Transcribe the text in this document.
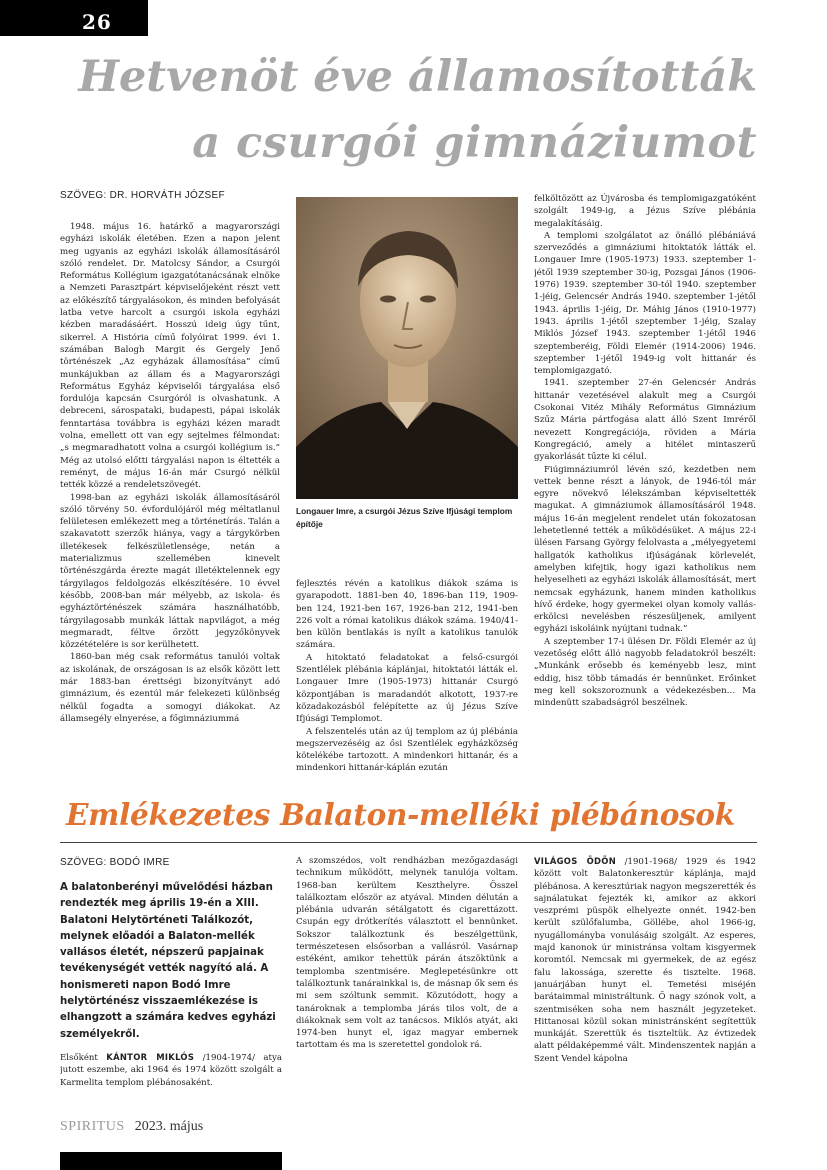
26
Hetvenöt éve államosították
a csurgói gimnáziumot
SZÖVEG: DR. HORVÁTH JÓZSEF

1948. május 16. határkő a magyarországi egyházi iskolák életében. Ezen a napon jelent meg ugyanis az egyházi iskolák államosításáról szóló rendelet. Dr. Matolcsy Sándor, a Csurgói Református Kollégium igazgatótanácsának elnöke a Nemzeti Parasztpárt képviselőjeként részt vett az előkészítő tárgyalásokon, és minden befolyását latba vetve harcolt a csurgói iskola egyházi kézben maradásáért. Hosszú ideig úgy tűnt, sikerrel. A História című folyóirat 1999. évi 1. számában Balogh Margit és Gergely Jenő történészek „Az egyházak államosítása” című munkájukban az állam és a Magyarországi Református Egyház képviselői tárgyalása első fordulója kapcsán Csurgóról is olvashatunk. A debreceni, sárospataki, budapesti, pápai iskolák fenntartása továbbra is egyházi kézen maradt volna, emellett ott van egy sejtelmes félmondat: „s megmaradhatott volna a csurgói kollégium is.” Még az utolsó előtti tárgyalási napon is éltették a reményt, de május 16-án már Csurgó nélkül tették közzé a rendeletszövegét.

1998-ban az egyházi iskolák államosításáról szóló törvény 50. évfordulójáról még méltatlanul felületesen emlékezett meg a történetírás. Talán a szakavatott szerzők hiánya, vagy a tárgykörben illetékesek felkészületlensége, netán a materializmus szellemében kinevelt történészgárda érezte magát illetéktelennek egy tárgyilagos feldolgozás elkészítésére. 10 évvel később, 2008-ban már mélyebb, az iskola- és egyháztörténészek számára használhatóbb, tárgyilagosabb munkák láttak napvilágot, a még megmaradt, féltve őrzött jegyzőkönyvek közzétételére is sor kerülhetett.

1860-ban még csak református tanulói voltak az iskolának, de országosan is az elsők között lett már 1883-ban érettségi bizonyítványt adó gimnázium, és ezentúl már felekezeti különbség nélkül fogadta a somogyi diákokat. Az államsegély elnyerése, a főgimnáziummá

Longauer Imre, a csurgói Jézus Szíve Ifjúsági templom építője

fejlesztés révén a katolikus diákok száma is gyarapodott. 1881-ben 40, 1896-ban 119, 1909-ben 124, 1921-ben 167, 1926-ban 212, 1941-ben 226 volt a római katolikus diákok száma. 1940/41-ben külön bentlakás is nyílt a katolikus tanulók számára.

A hitoktató feladatokat a felső-csurgói Szentlélek plébánia káplánjai, hitoktatói látták el. Longauer Imre (1905-1973) hittanár Csurgó központjában is maradandót alkotott, 1937-re közadakozásból felépítette az új Jézus Szíve Ifjúsági Templomot.

A felszentelés után az új templom az új plébánia megszervezéséig az ősi Szentlélek egyházközség kötelékébe tartozott. A mindenkori hittanár, és a mindenkori hittanár-káplán ezután

felköltözött az Újvárosba és templomigazgatóként szolgált 1949-ig, a Jézus Szíve plébánia megalakításáig.

A templomi szolgálatot az önálló plébániává szerveződés a gimnáziumi hitoktatók látták el. Longauer Imre (1905-1973) 1933. szeptember 1-jétől 1939 szeptember 30-ig, Pozsgai János (1906-1976) 1939. szeptember 30-tól 1940. szeptember 1-jéig, Gelencsér András 1940. szeptember 1-jétől 1943. április 1-jéig, Dr. Máhig János (1910-1977) 1943. április 1-jétől szeptember 1-jéig, Szalay Miklós József 1943. szeptember 1-jétől 1946 szeptemberéig, Földi Elemér (1914-2006) 1946. szeptember 1-jétől 1949-ig volt hittanár és templomigazgató.

1941. szeptember 27-én Gelencsér András hittanár vezetésével alakult meg a Csurgói Csokonai Vitéz Mihály Református Gimnázium Szűz Mária pártfogása alatt álló Szent Imréről nevezett Kongregációja, röviden a Mária Kongregáció, amely a hitélet mintaszerű gyakorlását tűzte ki célul.

Fiúgimnáziumról lévén szó, kezdetben nem vettek benne részt a lányok, de 1946-tól már egyre növekvő lélekszámban képviseltették magukat. A gimnáziumok államosításáról 1948. május 16-án megjelent rendelet után fokozatosan lehetetlenné tették a működésüket. A május 22-i ülésen Farsang György felolvasta a „mélyegyetemi hallgatók katholikus ifjúságának körlevelét, amelyben kifejtik, hogy igazi katholikus nem helyeselheti az egyházi iskolák államosítását, mert nemcsak egyházunk, hanem minden katholikus hívő érdeke, hogy gyermekei olyan komoly vallás-erkölcsi nevelésben részesüljenek, amilyent egyházi iskoláink nyújtani tudnak.”

A szeptember 17-i ülésen Dr. Földi Elemér az új vezetőség előtt álló nagyobb feladatokról beszélt: „Munkánk erősebb és keményebb lesz, mint eddig, hisz több támadás ér bennünket. Erőinket meg kell sokszoroznunk a védekezésben… Ma mindenütt szabadságról beszélnek.

Emlékezetes Balaton-melléki plébánosok
SZÖVEG: BODÓ IMRE
A balatonberényi művelődési házban rendezték meg április 19-én a XIII. Balatoni Helytörténeti Találkozót, melynek előadói a Balaton-mellék vallásos életét, népszerű papjainak tevékenységét vették nagyító alá. A honismereti napon Bodó Imre helytörténész visszaemlékezése is elhangzott a számára kedves egyházi személyekről.
Elsőként KÁNTOR MIKLÓS /1904-1974/ atya jutott eszembe, aki 1964 és 1974 között szolgált a Karmelita templom plébánosaként.

A szomszédos, volt rendházban mezőgazdasági technikum működött, melynek tanulója voltam. 1968-ban kerültem Keszthelyre. Összel találkoztam először az atyával. Minden délután a plébánia udvarán sétálgatott és cigarettázott. Csupán egy drótkerítés választott el bennünket. Sokszor találkoztunk és beszélgettünk, természetesen elsősorban a vallásról. Vasárnap estéként, amikor tehettük párán átszöktünk a templomba szentmisére. Meglepetésünkre ott találkoztunk tanárainkkal is, de másnap ők sem és mi sem szóltunk semmit. Közutódott, hogy a tanároknak a templomba járás tilos volt, de a diákoknak sem volt az tanácsos. Miklós atyát, aki 1974-ben hunyt el, igaz magyar embernek tartottam és ma is szeretettel gondolok rá.

VILÁGOS ÖDÖN /1901-1968/ 1929 és 1942 között volt Balatonkeresztúr káplánja, majd plébánosa. A keresztúriak nagyon megszerették és sajnálatukat fejezték ki, amikor az akkori veszprémi püspök elhelyezte onnét. 1942-ben került szülőfalumba, Göllébe, ahol 1966-ig, nyugállományba vonulásáig szolgált. Az esperes, majd kanonok úr ministránsa voltam kisgyermek koromtól. Nemcsak mi gyermekek, de az egész falu lakossága, szerette és tisztelte. 1968. januárjában hunyt el. Temetési miséjén barátaimmal ministráltunk. Ő nagy szónok volt, a szentmiséken soha nem használt jegyzeteket. Hittanosai közül sokan ministránsként segítettük munkáját. Szerettük és tiszteltük. Az évtizedek alatt példaképemmé vált. Mindenszentek napján a Szent Vendel kápolna
SPIRITUS 2023. május
